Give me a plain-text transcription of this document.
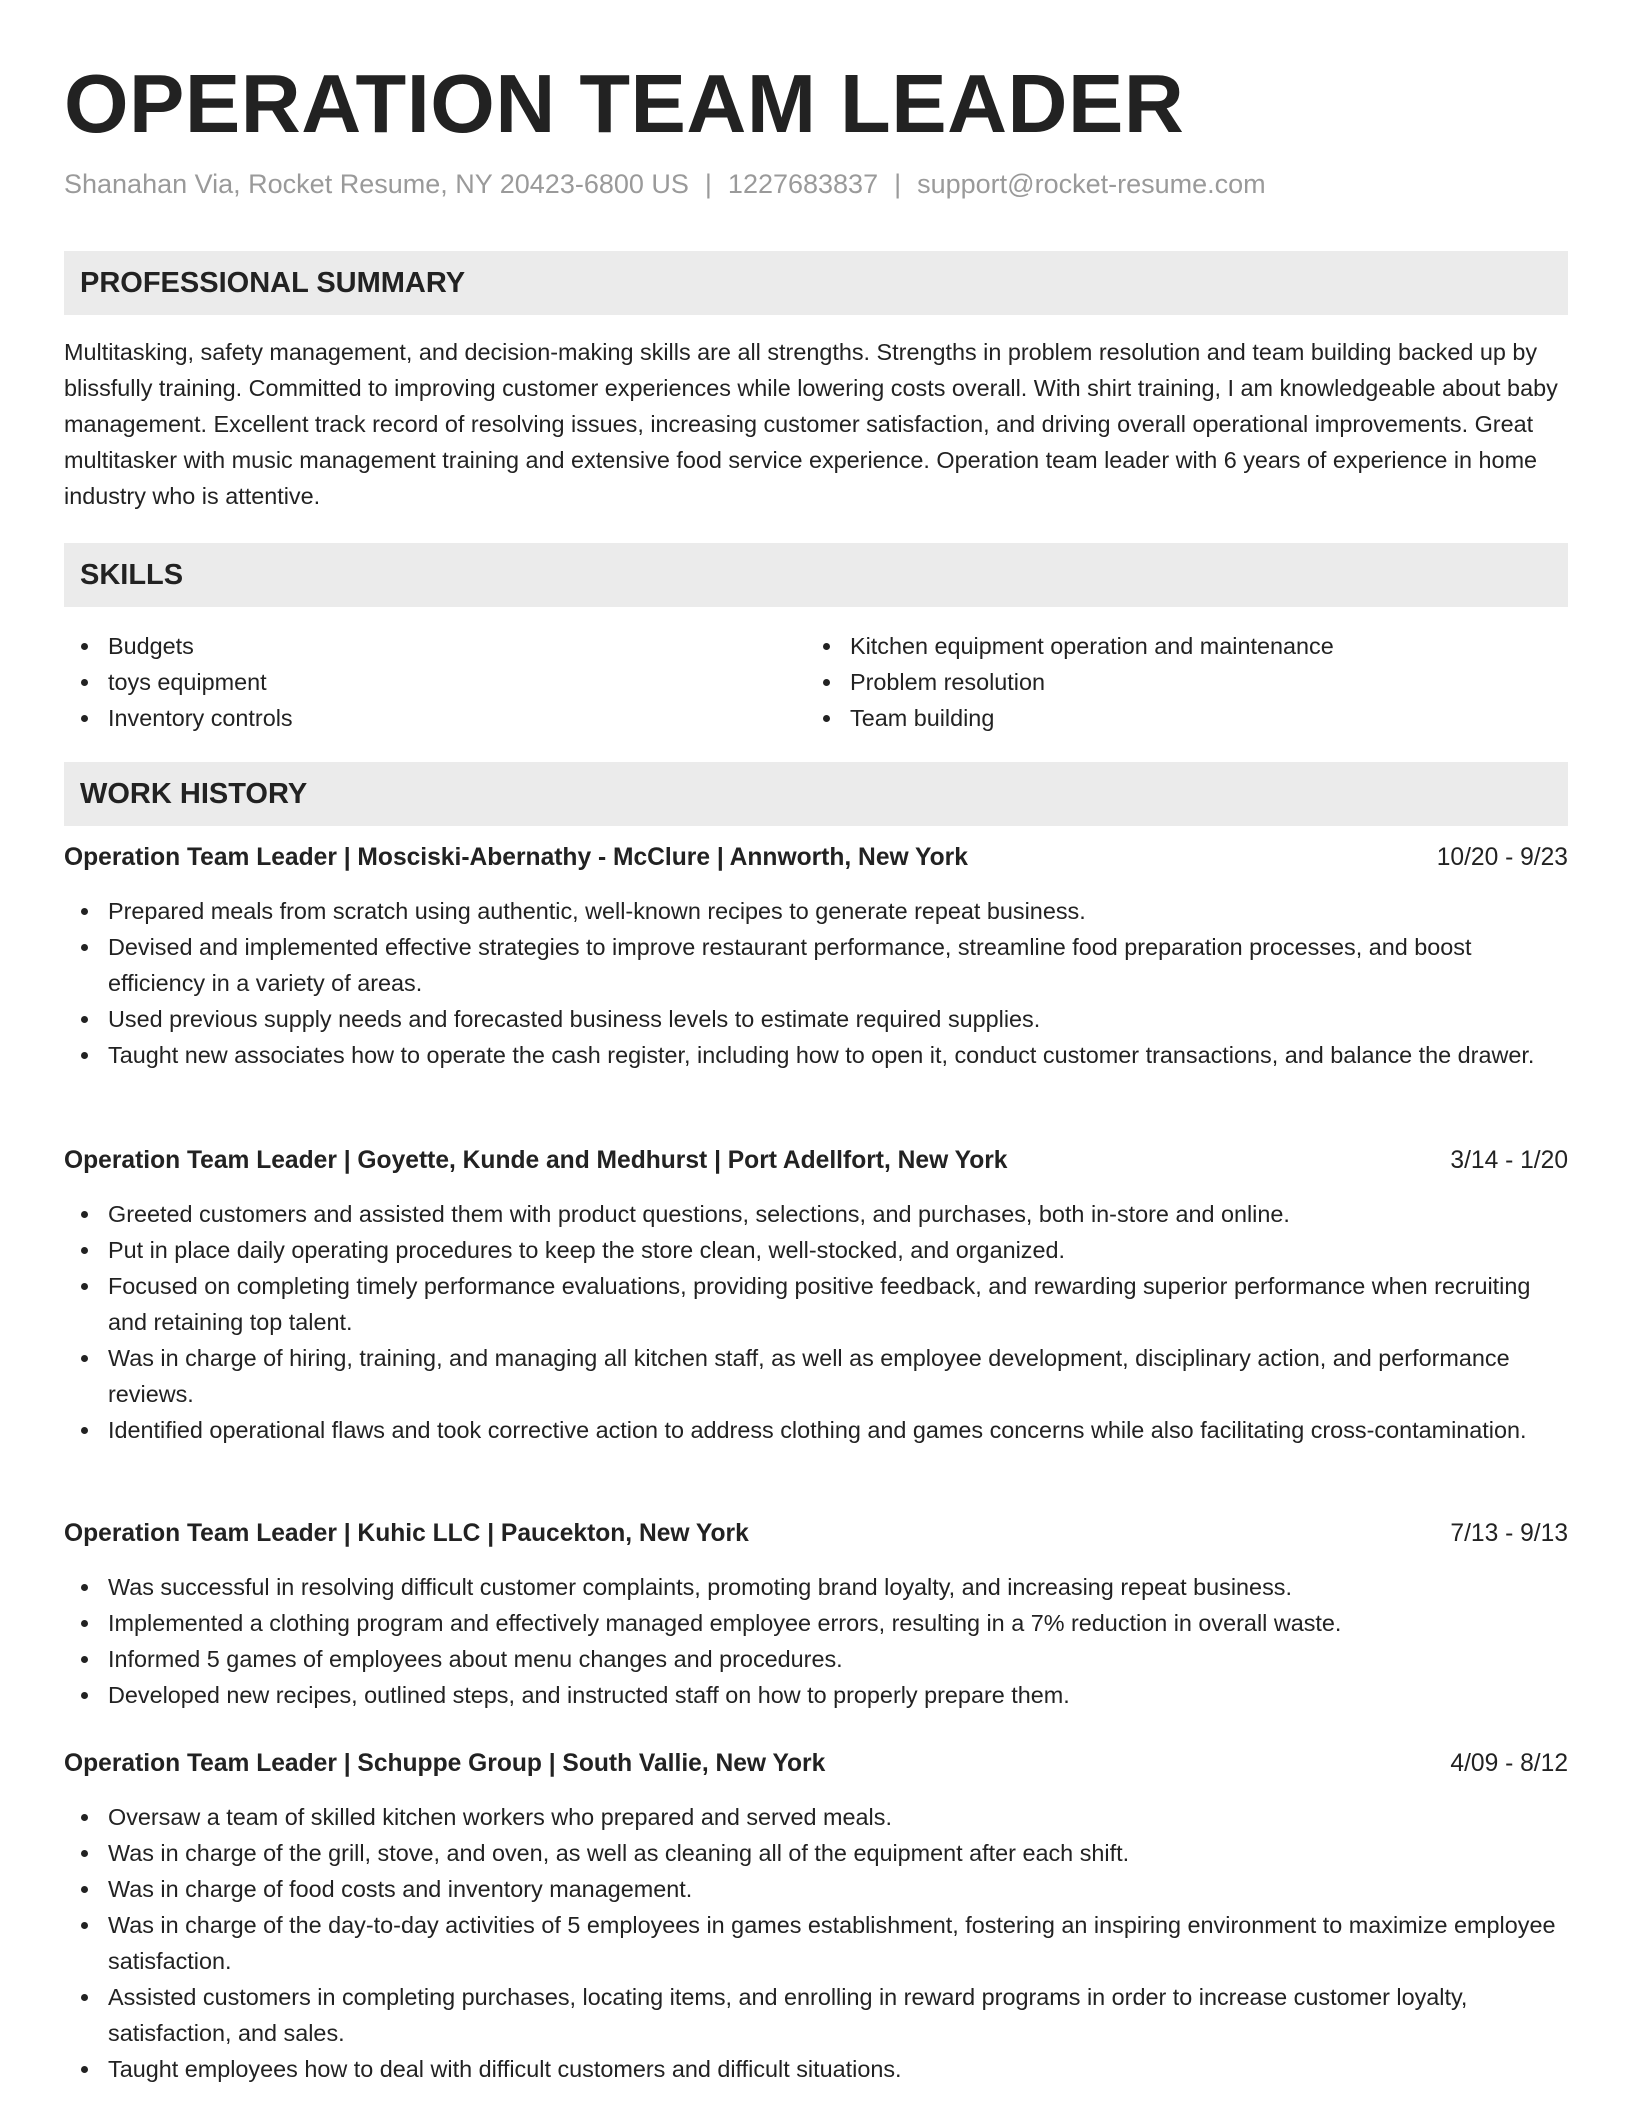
OPERATION TEAM LEADER
Shanahan Via, Rocket Resume, NY 20423-6800 US | 1227683837 | support@rocket-resume.com
PROFESSIONAL SUMMARY

Multitasking, safety management, and decision-making skills are all strengths. Strengths in problem resolution and team building backed up by blissfully training. Committed to improving customer experiences while lowering costs overall. With shirt training, I am knowledgeable about baby management. Excellent track record of resolving issues, increasing customer satisfaction, and driving overall operational improvements. Great multitasker with music management training and extensive food service experience. Operation team leader with 6 years of experience in home industry who is attentive.

SKILLS
Budgets
toys equipment
Inventory controls
Kitchen equipment operation and maintenance
Problem resolution
Team building
WORK HISTORY
Operation Team Leader | Mosciski-Abernathy - McClure | Annworth, New York	10/20 - 9/23
Prepared meals from scratch using authentic, well-known recipes to generate repeat business.
Devised and implemented effective strategies to improve restaurant performance, streamline food preparation processes, and boost efficiency in a variety of areas.
Used previous supply needs and forecasted business levels to estimate required supplies.
Taught new associates how to operate the cash register, including how to open it, conduct customer transactions, and balance the drawer.
Operation Team Leader | Goyette, Kunde and Medhurst | Port Adellfort, New York	3/14 - 1/20
Greeted customers and assisted them with product questions, selections, and purchases, both in-store and online.
Put in place daily operating procedures to keep the store clean, well-stocked, and organized.
Focused on completing timely performance evaluations, providing positive feedback, and rewarding superior performance when recruiting and retaining top talent.
Was in charge of hiring, training, and managing all kitchen staff, as well as employee development, disciplinary action, and performance reviews.
Identified operational flaws and took corrective action to address clothing and games concerns while also facilitating cross-contamination.
Operation Team Leader | Kuhic LLC | Paucekton, New York	7/13 - 9/13
Was successful in resolving difficult customer complaints, promoting brand loyalty, and increasing repeat business.
Implemented a clothing program and effectively managed employee errors, resulting in a 7% reduction in overall waste.
Informed 5 games of employees about menu changes and procedures.
Developed new recipes, outlined steps, and instructed staff on how to properly prepare them.
Operation Team Leader | Schuppe Group | South Vallie, New York	4/09 - 8/12
Oversaw a team of skilled kitchen workers who prepared and served meals.
Was in charge of the grill, stove, and oven, as well as cleaning all of the equipment after each shift.
Was in charge of food costs and inventory management.
Was in charge of the day-to-day activities of 5 employees in games establishment, fostering an inspiring environment to maximize employee satisfaction.
Assisted customers in completing purchases, locating items, and enrolling in reward programs in order to increase customer loyalty, satisfaction, and sales.
Taught employees how to deal with difficult customers and difficult situations.
